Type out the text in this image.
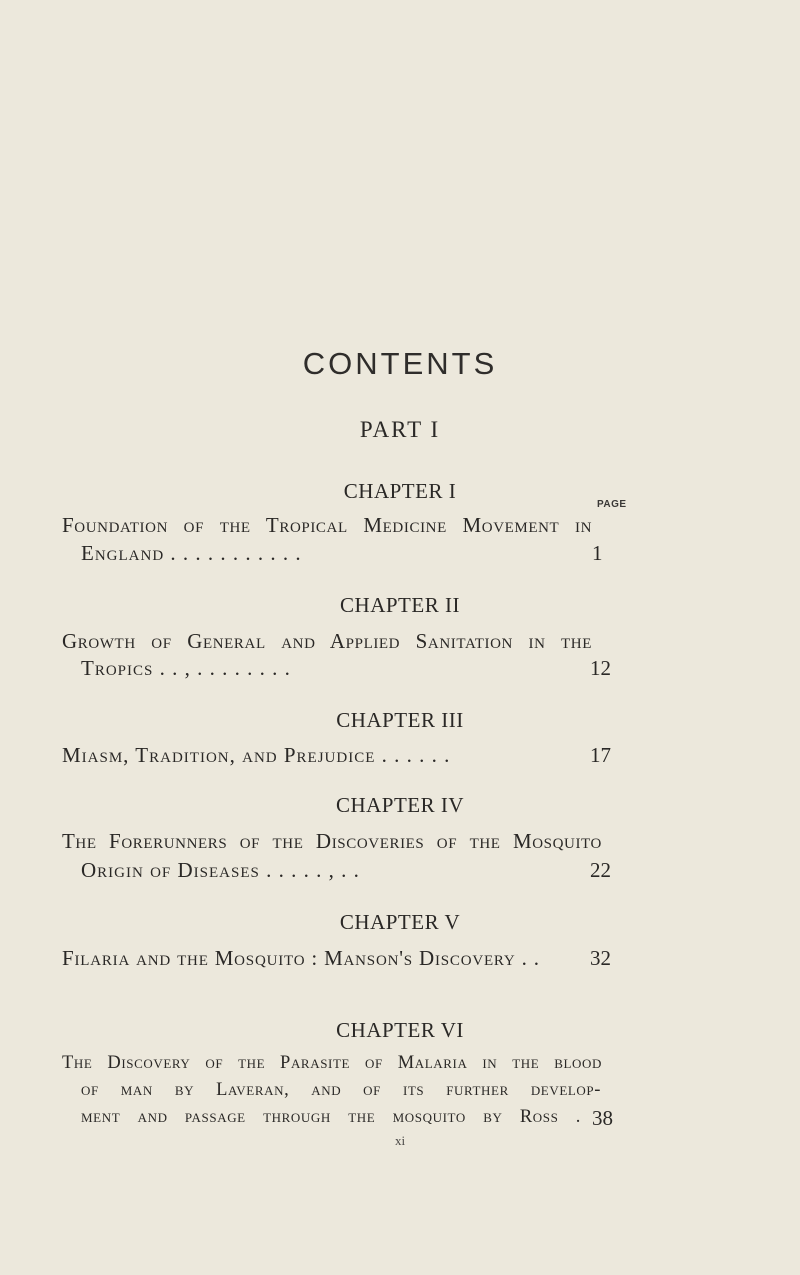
CONTENTS
PART I
CHAPTER I
PAGE
Foundation of the Tropical Medicine Movement in
England . . . . . . . . . . .	1
CHAPTER II
Growth of General and Applied Sanitation in the
Tropics . . , . . . . . . . .	12
CHAPTER III
Miasm, Tradition, and Prejudice . . . . . .	17
CHAPTER IV
The Forerunners of the Discoveries of the Mosquito
Origin of Diseases . . . . . , . .	22
CHAPTER V
Filaria and the Mosquito : Manson's Discovery . .	32
CHAPTER VI
The Discovery of the Parasite of Malaria in the blood
of man by Laveran, and of its further develop-
ment and passage through the mosquito by Ross . 38
xi
